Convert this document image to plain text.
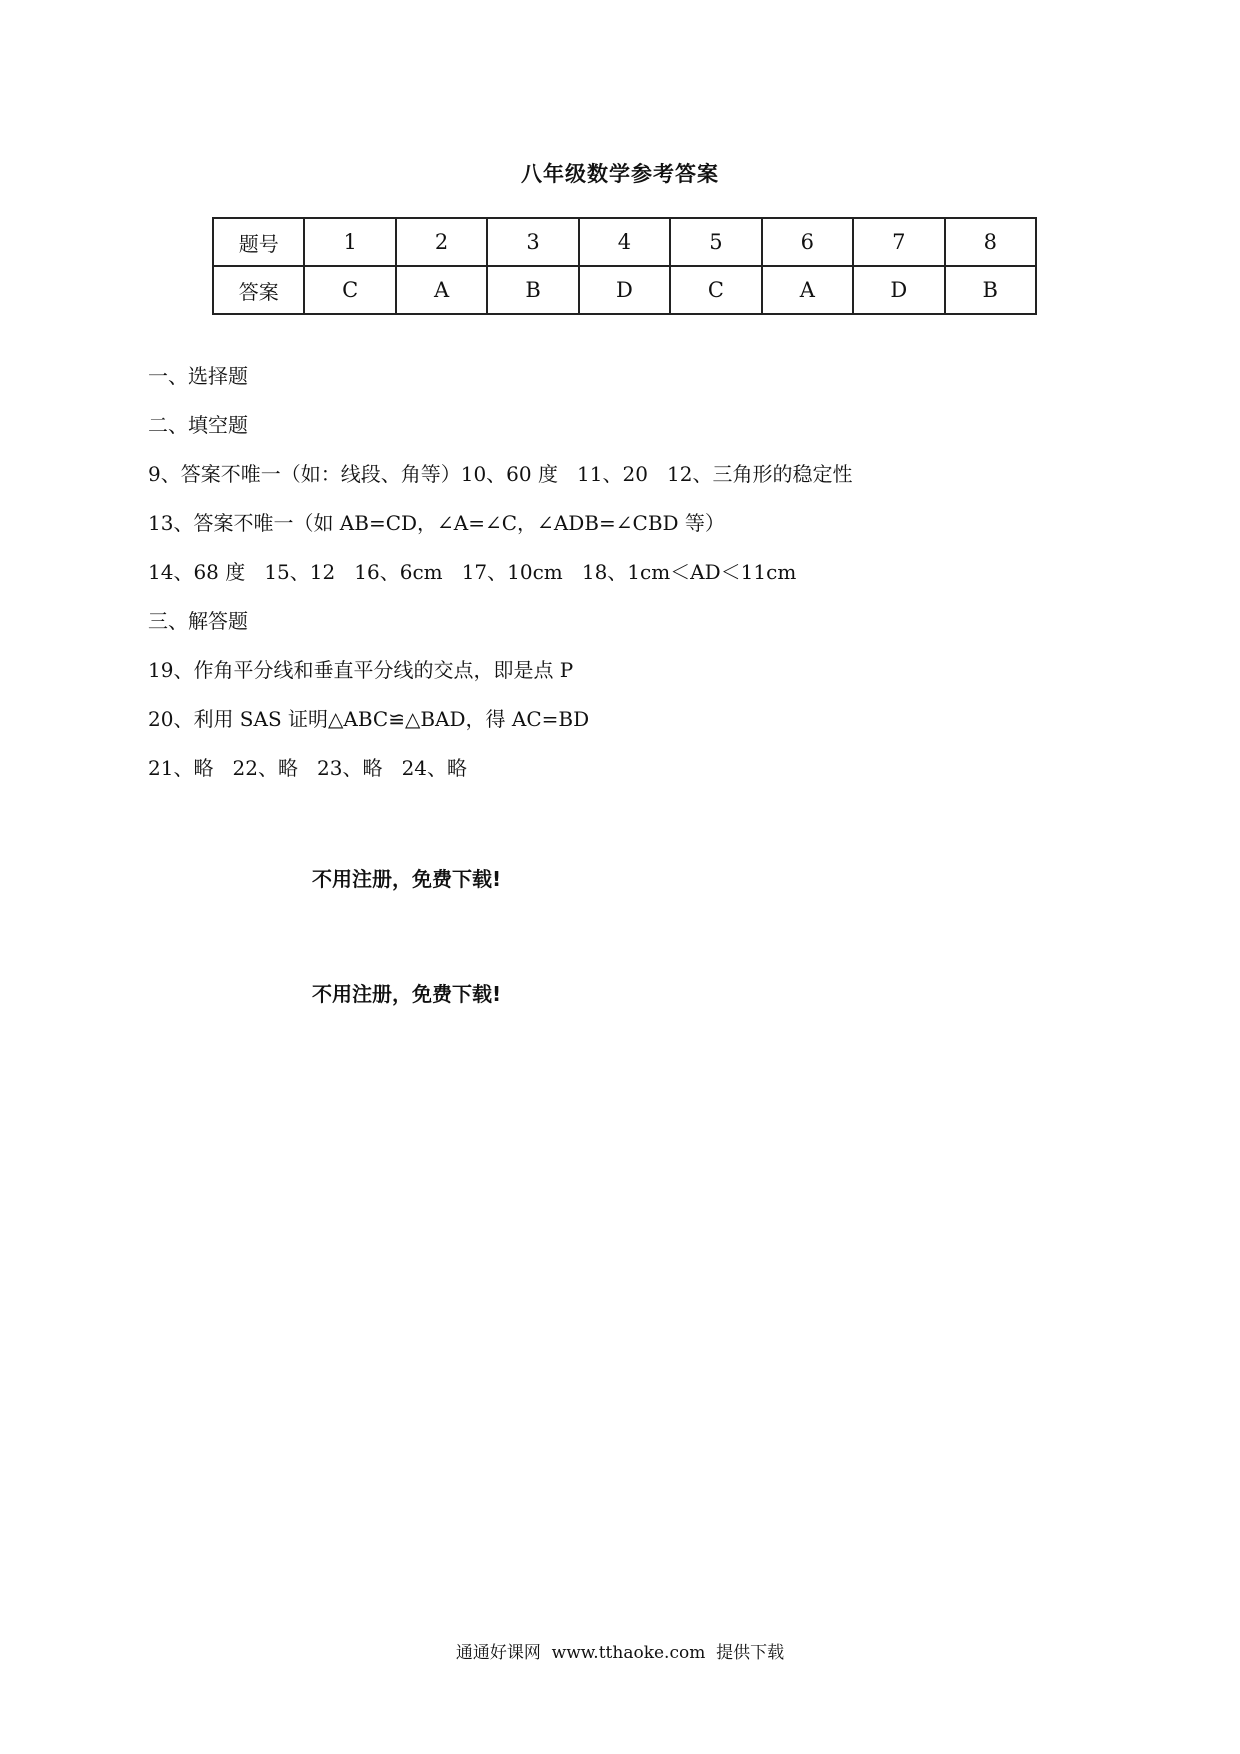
八年级数学参考答案
题号	1	2	3	4	5	6	7	8
答案	C	A	B	D	C	A	D	B
一、选择题
二、填空题
9、答案不唯一（如：线段、角等）10、60 度   11、20   12、三角形的稳定性
13、答案不唯一（如 AB=CD，∠A=∠C，∠ADB=∠CBD 等）
14、68 度   15、12   16、6cm   17、10cm   18、1cm＜AD＜11cm
三、解答题
19、作角平分线和垂直平分线的交点，即是点 P
20、利用 SAS 证明△ABC≌△BAD，得 AC=BD
21、略   22、略   23、略   24、略
不用注册，免费下载!
不用注册，免费下载!
通通好课网  www.tthaoke.com  提供下载
